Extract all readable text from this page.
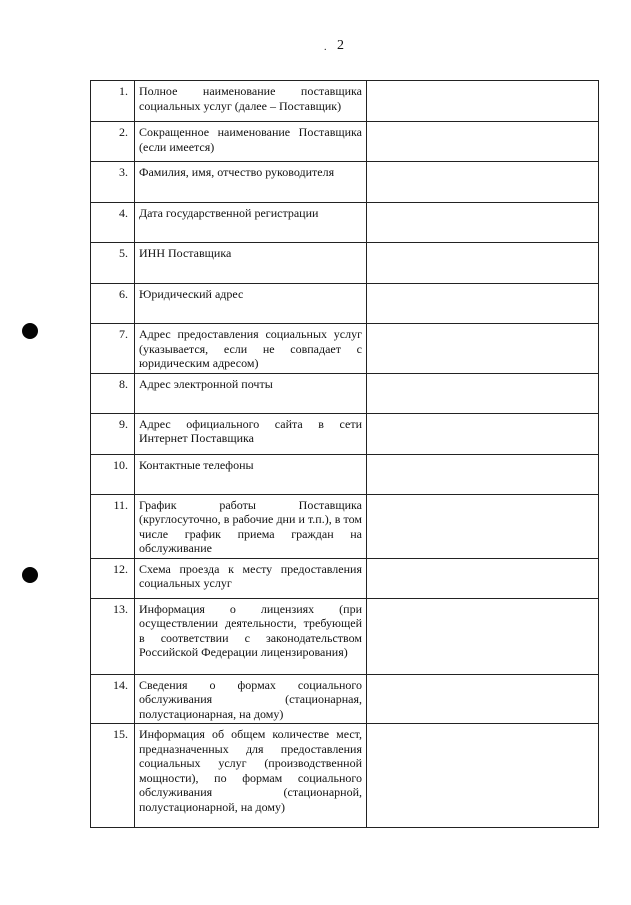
. 2
1.	Полное наименование поставщика социальных услуг (далее – Поставщик)	
2.	Сокращенное наименование Поставщика (если имеется)	
3.	Фамилия, имя, отчество руководителя	
4.	Дата государственной регистрации	
5.	ИНН Поставщика	
6.	Юридический адрес	
7.	Адрес предоставления социальных услуг (указывается, если не совпадает с юридическим адресом)	
8.	Адрес электронной почты	
9.	Адрес официального сайта в сети Интернет Поставщика	
10.	Контактные телефоны	
11.	График работы Поставщика (круглосуточно, в рабочие дни и т.п.), в том числе график приема граждан на обслуживание	
12.	Схема проезда к месту предоставления социальных услуг	
13.	Информация о лицензиях (при осуществлении деятельности, требующей в соответствии с законодательством Российской Федерации лицензирования)	
14.	Сведения о формах социального обслуживания (стационарная, полустационарная, на дому)	
15.	Информация об общем количестве мест, предназначенных для предоставления социальных услуг (производственной мощности), по формам социального обслуживания (стационарной, полустационарной, на дому)	
